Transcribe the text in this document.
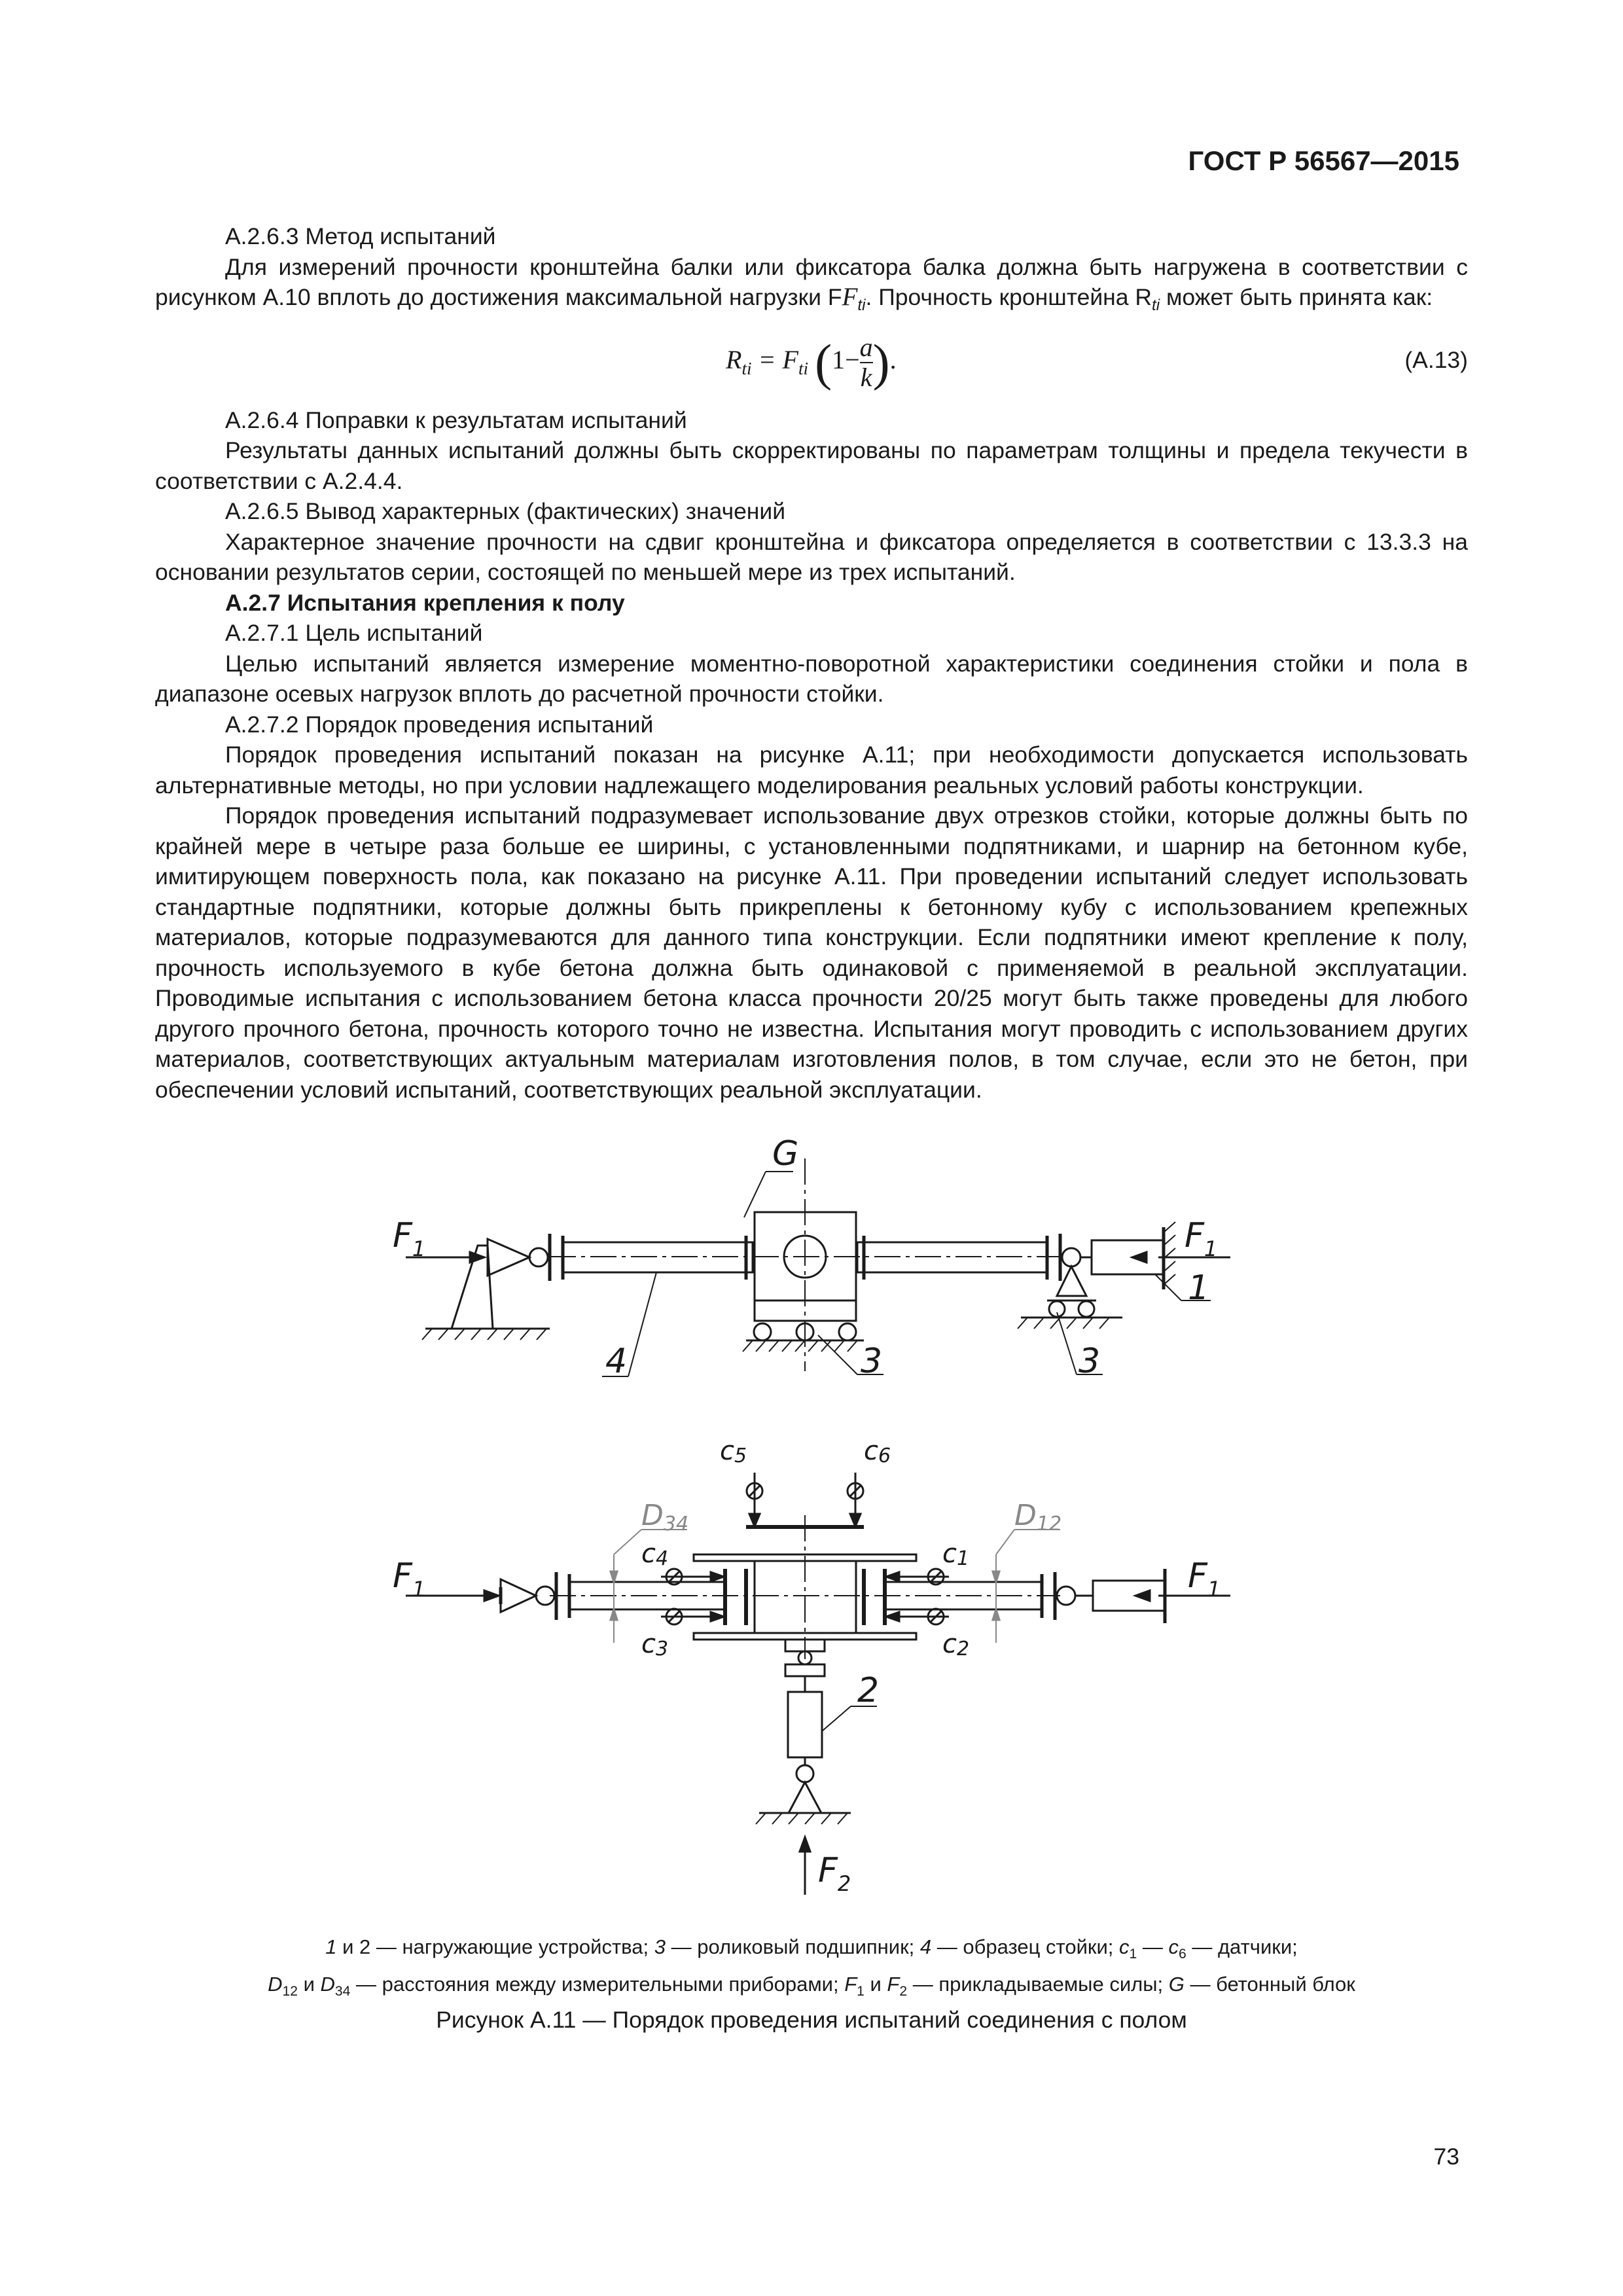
ГОСТ Р 56567—2015

А.2.6.3 Метод испытаний

Для измерений прочности кронштейна балки или фиксатора балка должна быть нагружена в соответствии с рисунком А.10 вплоть до достижения максимальной нагрузки $FF_{ti}$. Прочность кронштейна $R_{ti}$ может быть принята как:

$R_{ti} = F_{ti}$ ($1- \frac{a}{k}$ ).	(A.13)

А.2.6.4 Поправки к результатам испытаний

Результаты данных испытаний должны быть скорректированы по параметрам толщины и предела текучести в соответствии с А.2.4.4.

А.2.6.5 Вывод характерных (фактических) значений

Характерное значение прочности на сдвиг кронштейна и фиксатора определяется в соответствии с 13.3.3 на основании результатов серии, состоящей по меньшей мере из трех испытаний.

А.2.7 Испытания крепления к полу

А.2.7.1 Цель испытаний

Целью испытаний является измерение моментно-поворотной характеристики соединения стойки и пола в диапазоне осевых нагрузок вплоть до расчетной прочности стойки.

А.2.7.2 Порядок проведения испытаний

Порядок проведения испытаний показан на рисунке А.11; при необходимости допускается использовать альтернативные методы, но при условии надлежащего моделирования реальных условий работы конструкции.

Порядок проведения испытаний подразумевает использование двух отрезков стойки, которые должны быть по крайней мере в четыре раза больше ее ширины, с установленными подпятниками, и шарнир на бетонном кубе, имитирующем поверхность пола, как показано на рисунке А.11. При проведении испытаний следует использовать стандартные подпятники, которые должны быть прикреплены к бетонному кубу с использованием крепежных материалов, которые подразумеваются для данного типа конструкции. Если подпятники имеют крепление к полу, прочность используемого в кубе бетона должна быть одинаковой с применяемой в реальной эксплуатации. Проводимые испытания с использованием бетона класса прочности 20/25 могут быть также проведены для любого другого прочного бетона, прочность которого точно не известна. Испытания могут проводить с использованием других материалов, соответствующих актуальным материалам изготовления полов, в том случае, если это не бетон, при обеспечении условий испытаний, соответствующих реальной эксплуатации.

G
$F_1$	$F_1$
1
4	3	3
c5	c6
c4	c1
c3	c2
D34	D12
$F_1$	$F_1$
2
$F_2$
1 и 2 — нагружающие устройства; 3 — роликовый подшипник; 4 — образец стойки; $c_1$ — $c_6$ — датчики;
$D_{12}$ и $D_{34}$ — расстояния между измерительными приборами; $F_1$ и $F_2$ — прикладываемые силы; G — бетонный блок
Рисунок А.11 — Порядок проведения испытаний соединения с полом
73
